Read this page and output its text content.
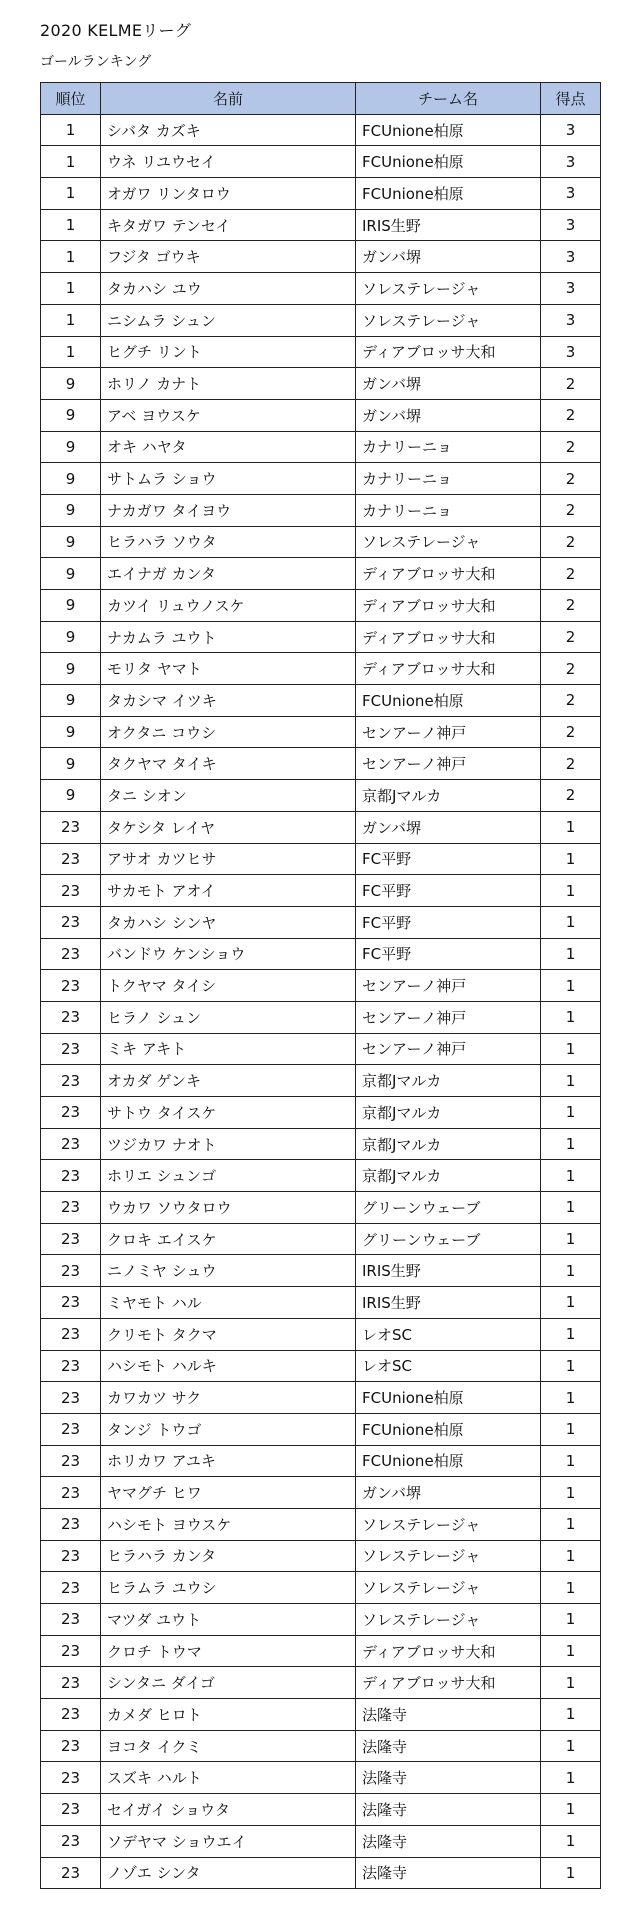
2020 KELMEリーグ
ゴールランキング
順位	名前	チーム名	得点
1	シバタ カズキ	FCUnione柏原	3
1	ウネ リユウセイ	FCUnione柏原	3
1	オガワ リンタロウ	FCUnione柏原	3
1	キタガワ テンセイ	IRIS生野	3
1	フジタ ゴウキ	ガンバ堺	3
1	タカハシ ユウ	ソレステレージャ	3
1	ニシムラ シュン	ソレステレージャ	3
1	ヒグチ リント	ディアブロッサ大和	3
9	ホリノ カナト	ガンバ堺	2
9	アベ ヨウスケ	ガンバ堺	2
9	オキ ハヤタ	カナリーニョ	2
9	サトムラ ショウ	カナリーニョ	2
9	ナカガワ タイヨウ	カナリーニョ	2
9	ヒラハラ ソウタ	ソレステレージャ	2
9	エイナガ カンタ	ディアブロッサ大和	2
9	カツイ リュウノスケ	ディアブロッサ大和	2
9	ナカムラ ユウト	ディアブロッサ大和	2
9	モリタ ヤマト	ディアブロッサ大和	2
9	タカシマ イツキ	FCUnione柏原	2
9	オクタニ コウシ	センアーノ神戸	2
9	タクヤマ タイキ	センアーノ神戸	2
9	タニ シオン	京都Jマルカ	2
23	タケシタ レイヤ	ガンバ堺	1
23	アサオ カツヒサ	FC平野	1
23	サカモト アオイ	FC平野	1
23	タカハシ シンヤ	FC平野	1
23	バンドウ ケンショウ	FC平野	1
23	トクヤマ タイシ	センアーノ神戸	1
23	ヒラノ シュン	センアーノ神戸	1
23	ミキ アキト	センアーノ神戸	1
23	オカダ ゲンキ	京都Jマルカ	1
23	サトウ タイスケ	京都Jマルカ	1
23	ツジカワ ナオト	京都Jマルカ	1
23	ホリエ シュンゴ	京都Jマルカ	1
23	ウカワ ソウタロウ	グリーンウェーブ	1
23	クロキ エイスケ	グリーンウェーブ	1
23	ニノミヤ シュウ	IRIS生野	1
23	ミヤモト ハル	IRIS生野	1
23	クリモト タクマ	レオSC	1
23	ハシモト ハルキ	レオSC	1
23	カワカツ サク	FCUnione柏原	1
23	タンジ トウゴ	FCUnione柏原	1
23	ホリカワ アユキ	FCUnione柏原	1
23	ヤマグチ ヒワ	ガンバ堺	1
23	ハシモト ヨウスケ	ソレステレージャ	1
23	ヒラハラ カンタ	ソレステレージャ	1
23	ヒラムラ ユウシ	ソレステレージャ	1
23	マツダ ユウト	ソレステレージャ	1
23	クロチ トウマ	ディアブロッサ大和	1
23	シンタニ ダイゴ	ディアブロッサ大和	1
23	カメダ ヒロト	法隆寺	1
23	ヨコタ イクミ	法隆寺	1
23	スズキ ハルト	法隆寺	1
23	セイガイ ショウタ	法隆寺	1
23	ソデヤマ ショウエイ	法隆寺	1
23	ノゾエ シンタ	法隆寺	1
